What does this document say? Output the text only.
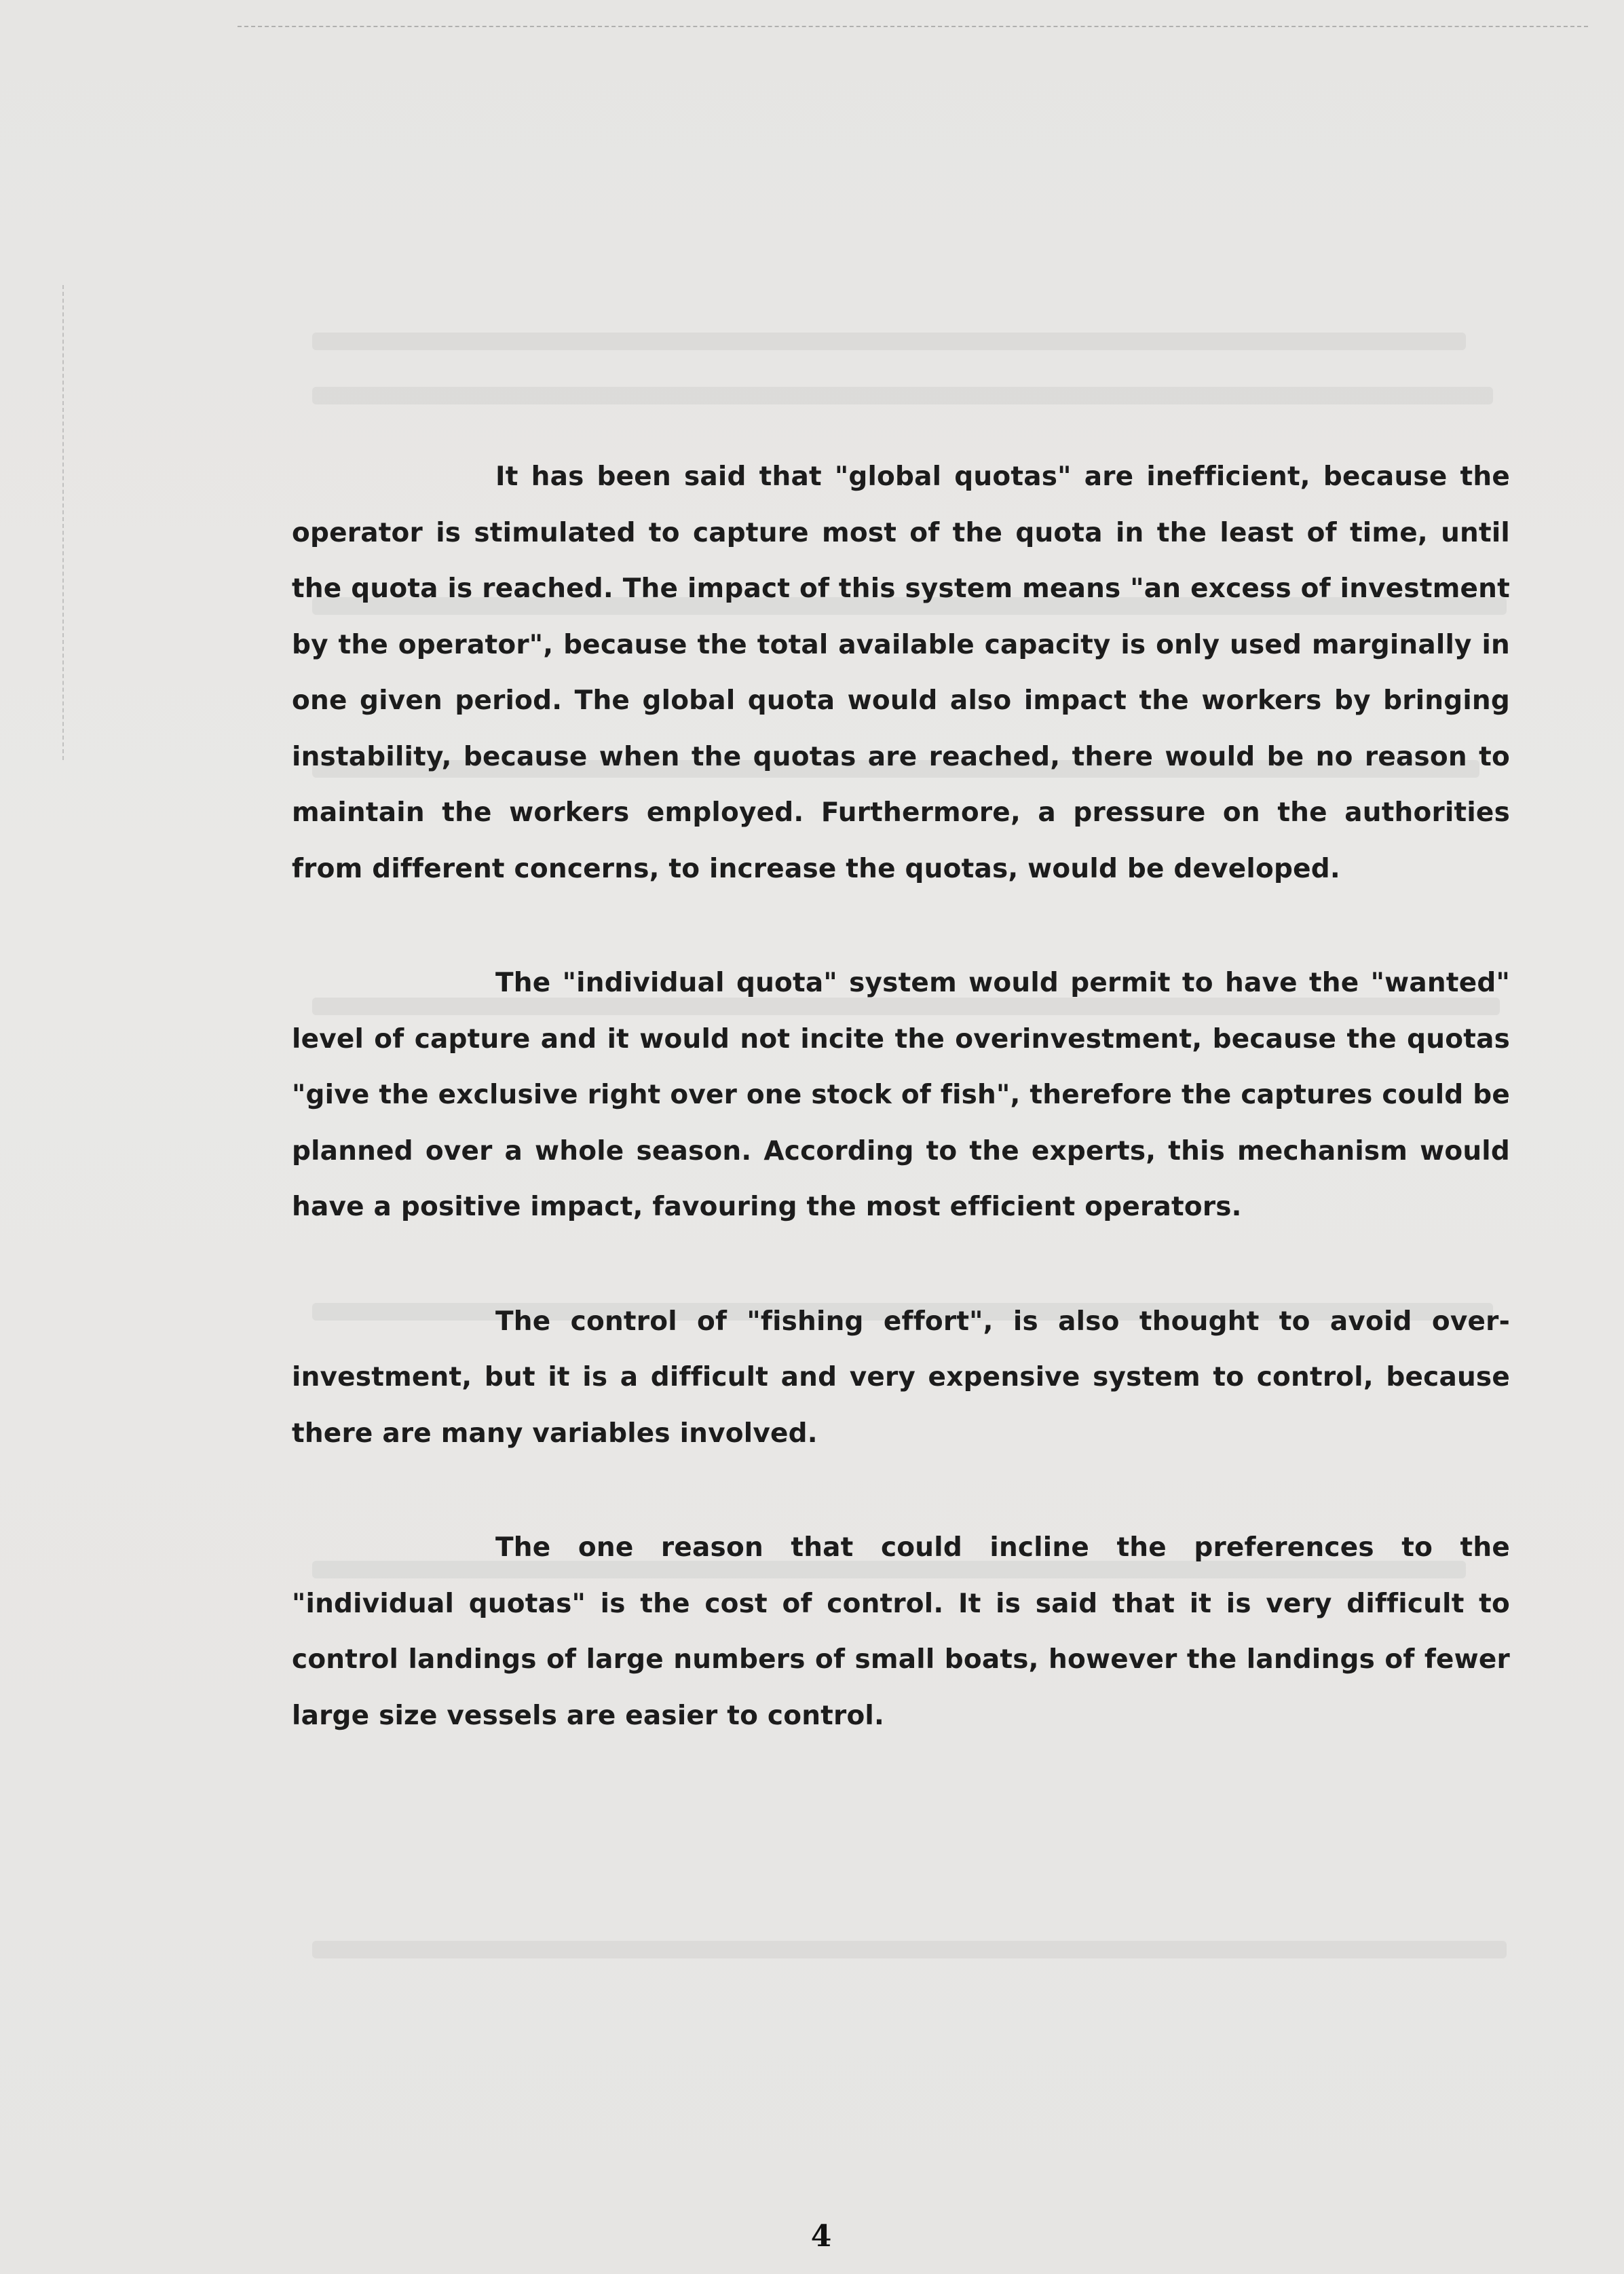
It has been said that "global quotas" are inefficient, because the operator is stimulated to capture most of the quota in the least of time, until the quota is reached. The impact of this system means "an excess of investment by the operator", because the total available capacity is only used marginally in one given period. The global quota would also impact the workers by bringing instability, because when the quotas are reached, there would be no reason to maintain the workers employed. Furthermore, a pressure on the authorities from different concerns, to increase the quotas, would be developed.

The "individual quota" system would permit to have the "wanted" level of capture and it would not incite the overinvestment, because the quotas "give the exclusive right over one stock of fish", therefore the captures could be planned over a whole season. According to the experts, this mechanism would have a positive impact, favouring the most efficient operators.

The control of "fishing effort", is also thought to avoid over-investment, but it is a difficult and very expensive system to control, because there are many variables involved.

The one reason that could incline the preferences to the "individual quotas" is the cost of control. It is said that it is very difficult to control landings of large numbers of small boats, however the landings of fewer large size vessels are easier to control.

4
